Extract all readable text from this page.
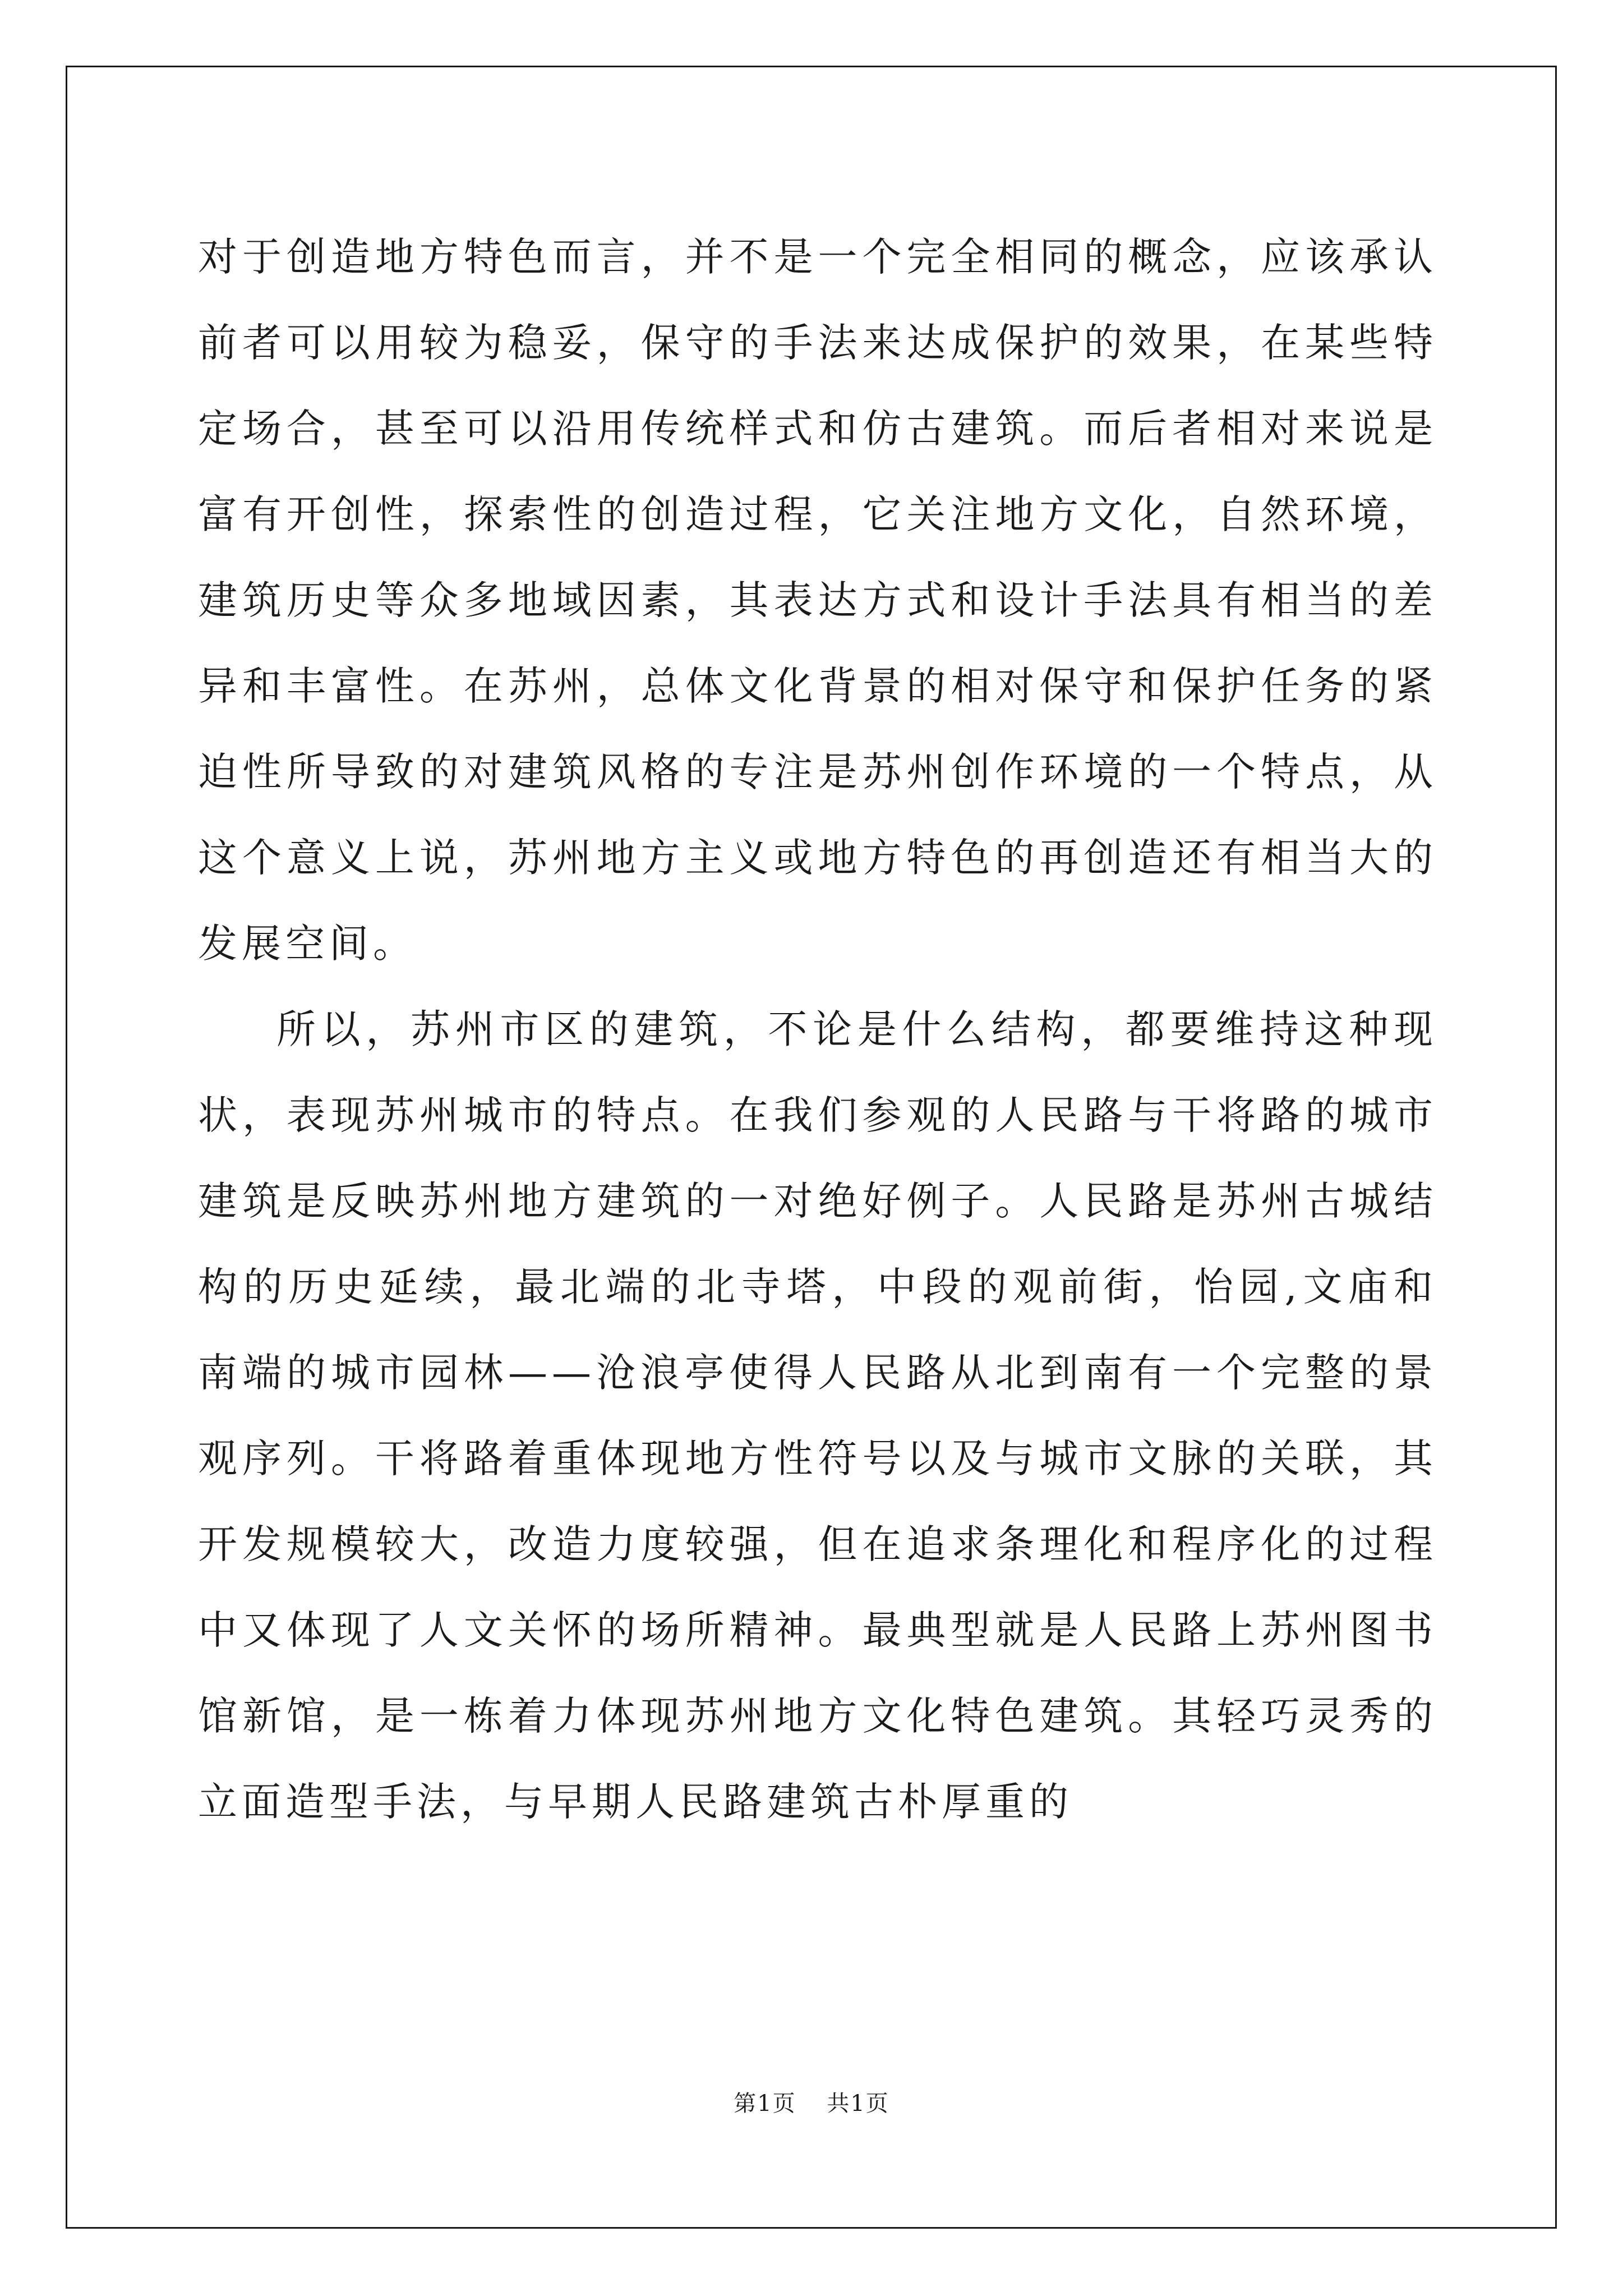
对于创造地方特色而言，并不是一个完全相同的概念，应该承认前者可以用较为稳妥，保守的手法来达成保护的效果，在某些特定场合，甚至可以沿用传统样式和仿古建筑。而后者相对来说是富有开创性，探索性的创造过程，它关注地方文化，自然环境，建筑历史等众多地域因素，其表达方式和设计手法具有相当的差异和丰富性。在苏州，总体文化背景的相对保守和保护任务的紧迫性所导致的对建筑风格的专注是苏州创作环境的一个特点，从这个意义上说，苏州地方主义或地方特色的再创造还有相当大的发展空间。

所以，苏州市区的建筑，不论是什么结构，都要维持这种现状，表现苏州城市的特点。在我们参观的人民路与干将路的城市建筑是反映苏州地方建筑的一对绝好例子。人民路是苏州古城结构的历史延续，最北端的北寺塔，中段的观前街，怡园,文庙和南端的城市园林——沧浪亭使得人民路从北到南有一个完整的景观序列。干将路着重体现地方性符号以及与城市文脉的关联，其开发规模较大，改造力度较强，但在追求条理化和程序化的过程中又体现了人文关怀的场所精神。最典型就是人民路上苏州图书馆新馆，是一栋着力体现苏州地方文化特色建筑。其轻巧灵秀的立面造型手法，与早期人民路建筑古朴厚重的

第1页 共1页
